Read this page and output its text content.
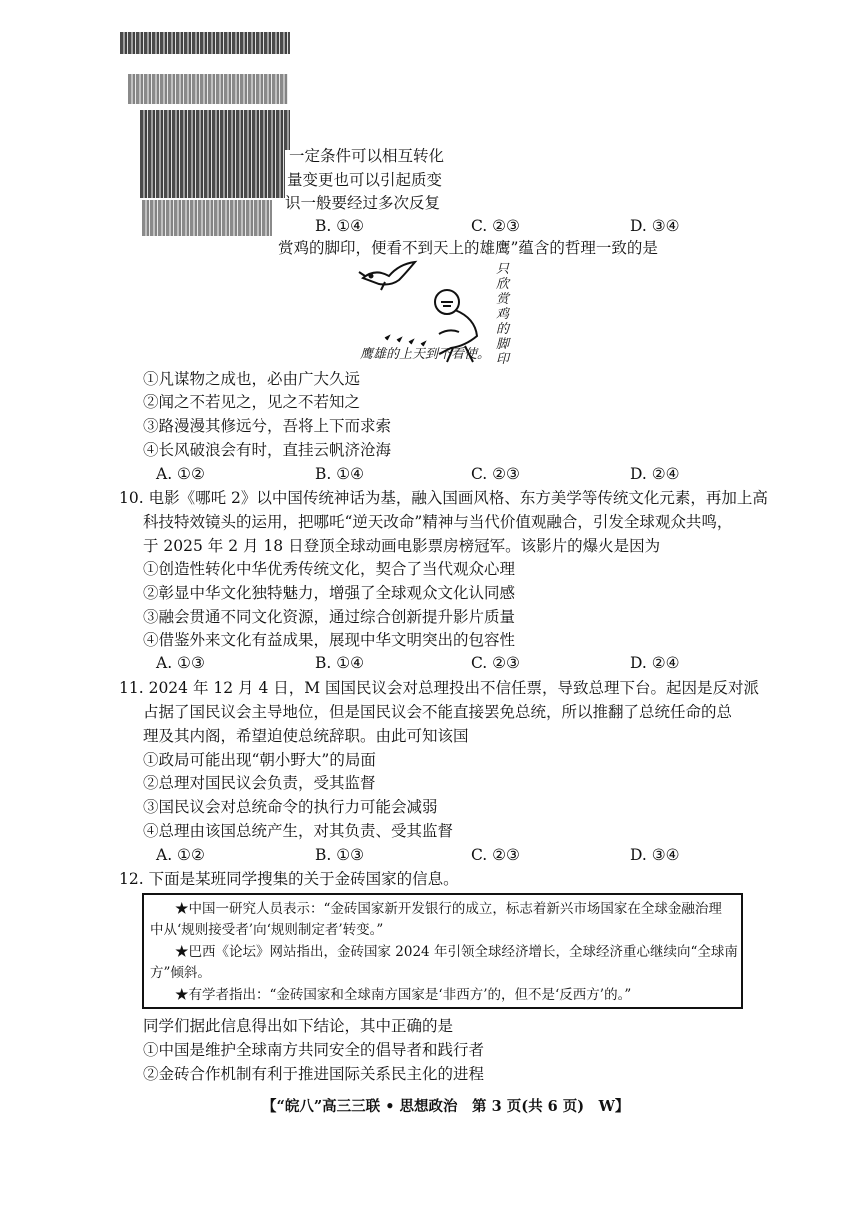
一定条件可以相互转化
量变更也可以引起质变
识一般要经过多次反复
B. ①④	C. ②③	D. ③④
赏鸡的脚印，便看不到天上的雄鹰”蕴含的哲理一致的是
只欣赏鸡的脚印
鹰雄的上天到不看使。
①凡谋物之成也，必由广大久远
②闻之不若见之，见之不若知之
③路漫漫其修远兮，吾将上下而求索
④长风破浪会有时，直挂云帆济沧海
A. ①②	B. ①④	C. ②③	D. ②④
10. 电影《哪吒 2》以中国传统神话为基，融入国画风格、东方美学等传统文化元素，再加上高
科技特效镜头的运用，把哪吒“逆天改命”精神与当代价值观融合，引发全球观众共鸣，
于 2025 年 2 月 18 日登顶全球动画电影票房榜冠军。该影片的爆火是因为
①创造性转化中华优秀传统文化，契合了当代观众心理
②彰显中华文化独特魅力，增强了全球观众文化认同感
③融会贯通不同文化资源，通过综合创新提升影片质量
④借鉴外来文化有益成果，展现中华文明突出的包容性
A. ①③	B. ①④	C. ②③	D. ②④
11. 2024 年 12 月 4 日，M 国国民议会对总理投出不信任票，导致总理下台。起因是反对派
占据了国民议会主导地位，但是国民议会不能直接罢免总统，所以推翻了总统任命的总
理及其内阁，希望迫使总统辞职。由此可知该国
①政局可能出现“朝小野大”的局面
②总理对国民议会负责，受其监督
③国民议会对总统命令的执行力可能会减弱
④总理由该国总统产生，对其负责、受其监督
A. ①②	B. ①③	C. ②③	D. ③④
12. 下面是某班同学搜集的关于金砖国家的信息。
★中国一研究人员表示：“金砖国家新开发银行的成立，标志着新兴市场国家在全球金融治理
中从‘规则接受者’向‘规则制定者’转变。”
★巴西《论坛》网站指出，金砖国家 2024 年引领全球经济增长，全球经济重心继续向“全球南
方”倾斜。
★有学者指出：“金砖国家和全球南方国家是‘非西方’的，但不是‘反西方’的。”
同学们据此信息得出如下结论，其中正确的是
①中国是维护全球南方共同安全的倡导者和践行者
②金砖合作机制有利于推进国际关系民主化的进程
【“皖八”高三三联 • 思想政治　第 3 页(共 6 页)　W】
